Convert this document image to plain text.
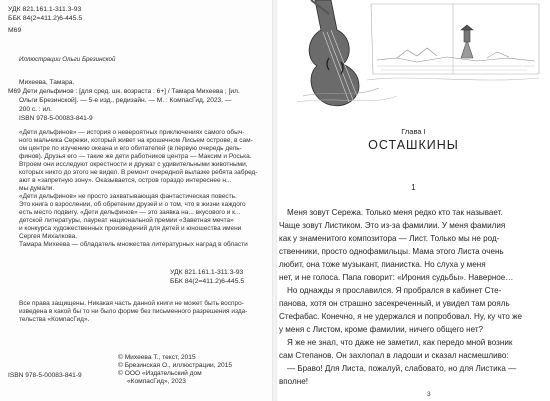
УДК 821.161.1-311.3-93
ББК 84(2=411.2)6-445.5
М69
Иллюстрации Ольги Брезинской
Михеева, Тамара.
М69 Дети дельфинов : [для сред. шк. возраста : 6+] / Тамара Михеева ; [ил.
Ольги Брезинской]. — 5-е изд., редизайн. — М. : КомпасГид, 2023. —
200 с. : ил.
ISBN 978-5-00083-841-9
«Дети дельфинов» — история о невероятных приключениях самого обыч-
ного мальчика Сережи, который живет на крошечном Лисьем острове, в сам-
ом центре по изучению океана и его обитателей (в первую очередь дель-
финов). Друзья его — такие же дети работников центра — Максим и Роська.
Втроем они исследуют окрестности и дружат с удивительными животными,
которых никто до этого не видел. В ремонт очередной вылазке ребята забред-
ают в «запретную зону». Оказывается, остров гораздо интереснее н...
мы думали.
«Дети дельфинов» не просто захватывающая фантастическая повесть.
Это книга о взрослении, об обретении друзей и о том, что в жизни каждого
есть место подвигу. «Дети дельфинов» — это заявка на... вкусового и к...
детской литературы, лауреат национальной премии «Заветная мечта»
и конкурса художественных произведений для детей и юношества имени
Сергея Михалкова.
Тамара Михеева — обладатель множества литературных наград в области
УДК 821.161.1-311.3-93
ББК 84(2=411.2)6-445.5
Все права защищены. Никакая часть данной книги не может быть воспро-
изведена в какой бы то ни было форме без письменного разрешения изда-
тельства «КомпасГид».
ISBN 978-5-00083-841-9
© Михеева Т., текст, 2015
© Брезинская О., иллюстрации, 2015
© ООО «Издательский дом
«КомпасГид», 2023
Глава I
ОСТАШКИНЫ
1
Меня зовут Сережа. Только меня редко кто так называет.
Чаще зовут Листиком. Это из-за фамилии. У меня фамилия
как у знаменитого композитора — Лист. Только мы не род-
ственники, просто однофамильцы. Мама этого Листа очень
любит, она тоже музыкант, пианистка. Но слуха у меня
нет, и не голоса. Папа говорит: «Ирония судьбы». Наверное…
Но однажды я прославился. Я пробрался в кабинет Сте-
панова, хотя он страшно засекреченный, и увидел там рояль
Стефабас. Конечно, я не удержался и попробовал. Ну, ку что же
у меня с Листом, кроме фамилии, ничего общего нет?
Я же не знал, что даже не заметил, как передо мной возник
сам Степанов. Он захлопал в ладоши и сказал насмешливо:
— Браво! Для Листа, пожалуй, слабовато, но для Листика —
вполне!
3
